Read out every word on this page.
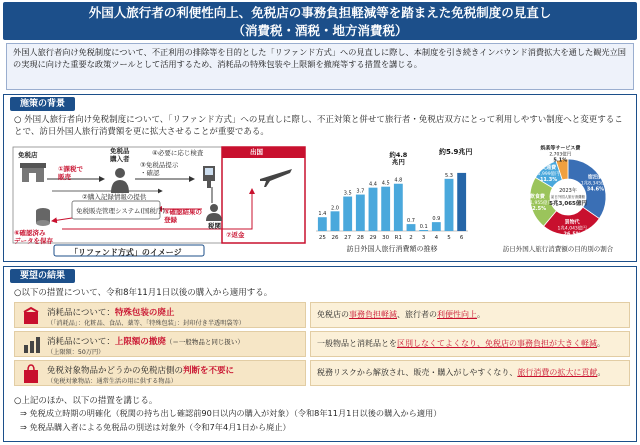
外国人旅行者の利便性向上、免税店の事務負担軽減等を踏まえた免税制度の見直し
（消費税・酒税・地方消費税）
外国人旅行者向け免税制度について、不正利用の排除等を目的とした「リファンド方式」への見直しに際し、本制度を引き続きインバウンド消費拡大を通した観光立国の実現に向けた重要な政策ツールとして活用するため、消耗品の特殊包装や上限額を撤廃等する措置を講じる。
施策の背景
○ 外国人旅行者向け免税制度について、「リファンド方式」への見直しに際し、不正対策と併せて旅行者・免税店双方にとって利用しやすい制度へと変更することで、訪日外国人旅行消費額を更に拡大させることが重要である。
免税店	免税品
購入者
出国
税関
①課税で
販売
②購入記録情報の提供
③免税品提示
・確認
④必要に応じ検査
⑤確認結果の
登録
⑥確認済み
データを保存
⑦返金
免税販売管理システム(国税庁)
「リファンド方式」のイメージ
1.4
25
2.0
26
3.5
27
3.7
28
4.4
29
4.5
30
4.8
R1
0.7
2
0.1
3
0.9
4
5.3
5 6
約4.8
兆円
約5.9兆円
訪日外国人旅行消費額の推移
宿泊費
1兆8,345億円
34.6%
買物代
1兆4,043億円
26.5%
飲食費
1兆1,955億円
22.5%
交通費
5,999億円
11.3%
娯楽等サービス費
2,703億円
5.1%
2023年
訪日外国人旅行消費額
5兆3,065億円
訪日外国人旅行消費額の目的別の割合
要望の結果
○以下の措置について、令和8年11月1日以後の購入から適用する。
消耗品について：特殊包装の廃止
（「消耗品」：化粧品、食品、薬等、「特殊包装」：封印付き半透明袋等）
免税店の事務負担軽減、旅行者の利便性向上。
消耗品について：上限額の撤廃（＝一般物品と同じ扱い）
（上限額：50万円）
一般物品と消耗品とを区別しなくてよくなり、免税店の事務負担が大きく軽減。
免税対象物品かどうかの免税店側の判断を不要に
（免税対象物品：通常生活の用に供する物品）
税務リスクから解放され、販売・購入がしやすくなり、旅行消費の拡大に貢献。
○上記のほか、以下の措置を講じる。
⇒ 免税成立時期の明確化（税関の持ち出し確認前90日以内の購入が対象）（令和8年11月1日以後の購入から適用）
⇒ 免税品購入者による免税品の別送は対象外（令和7年4月1日から廃止）
